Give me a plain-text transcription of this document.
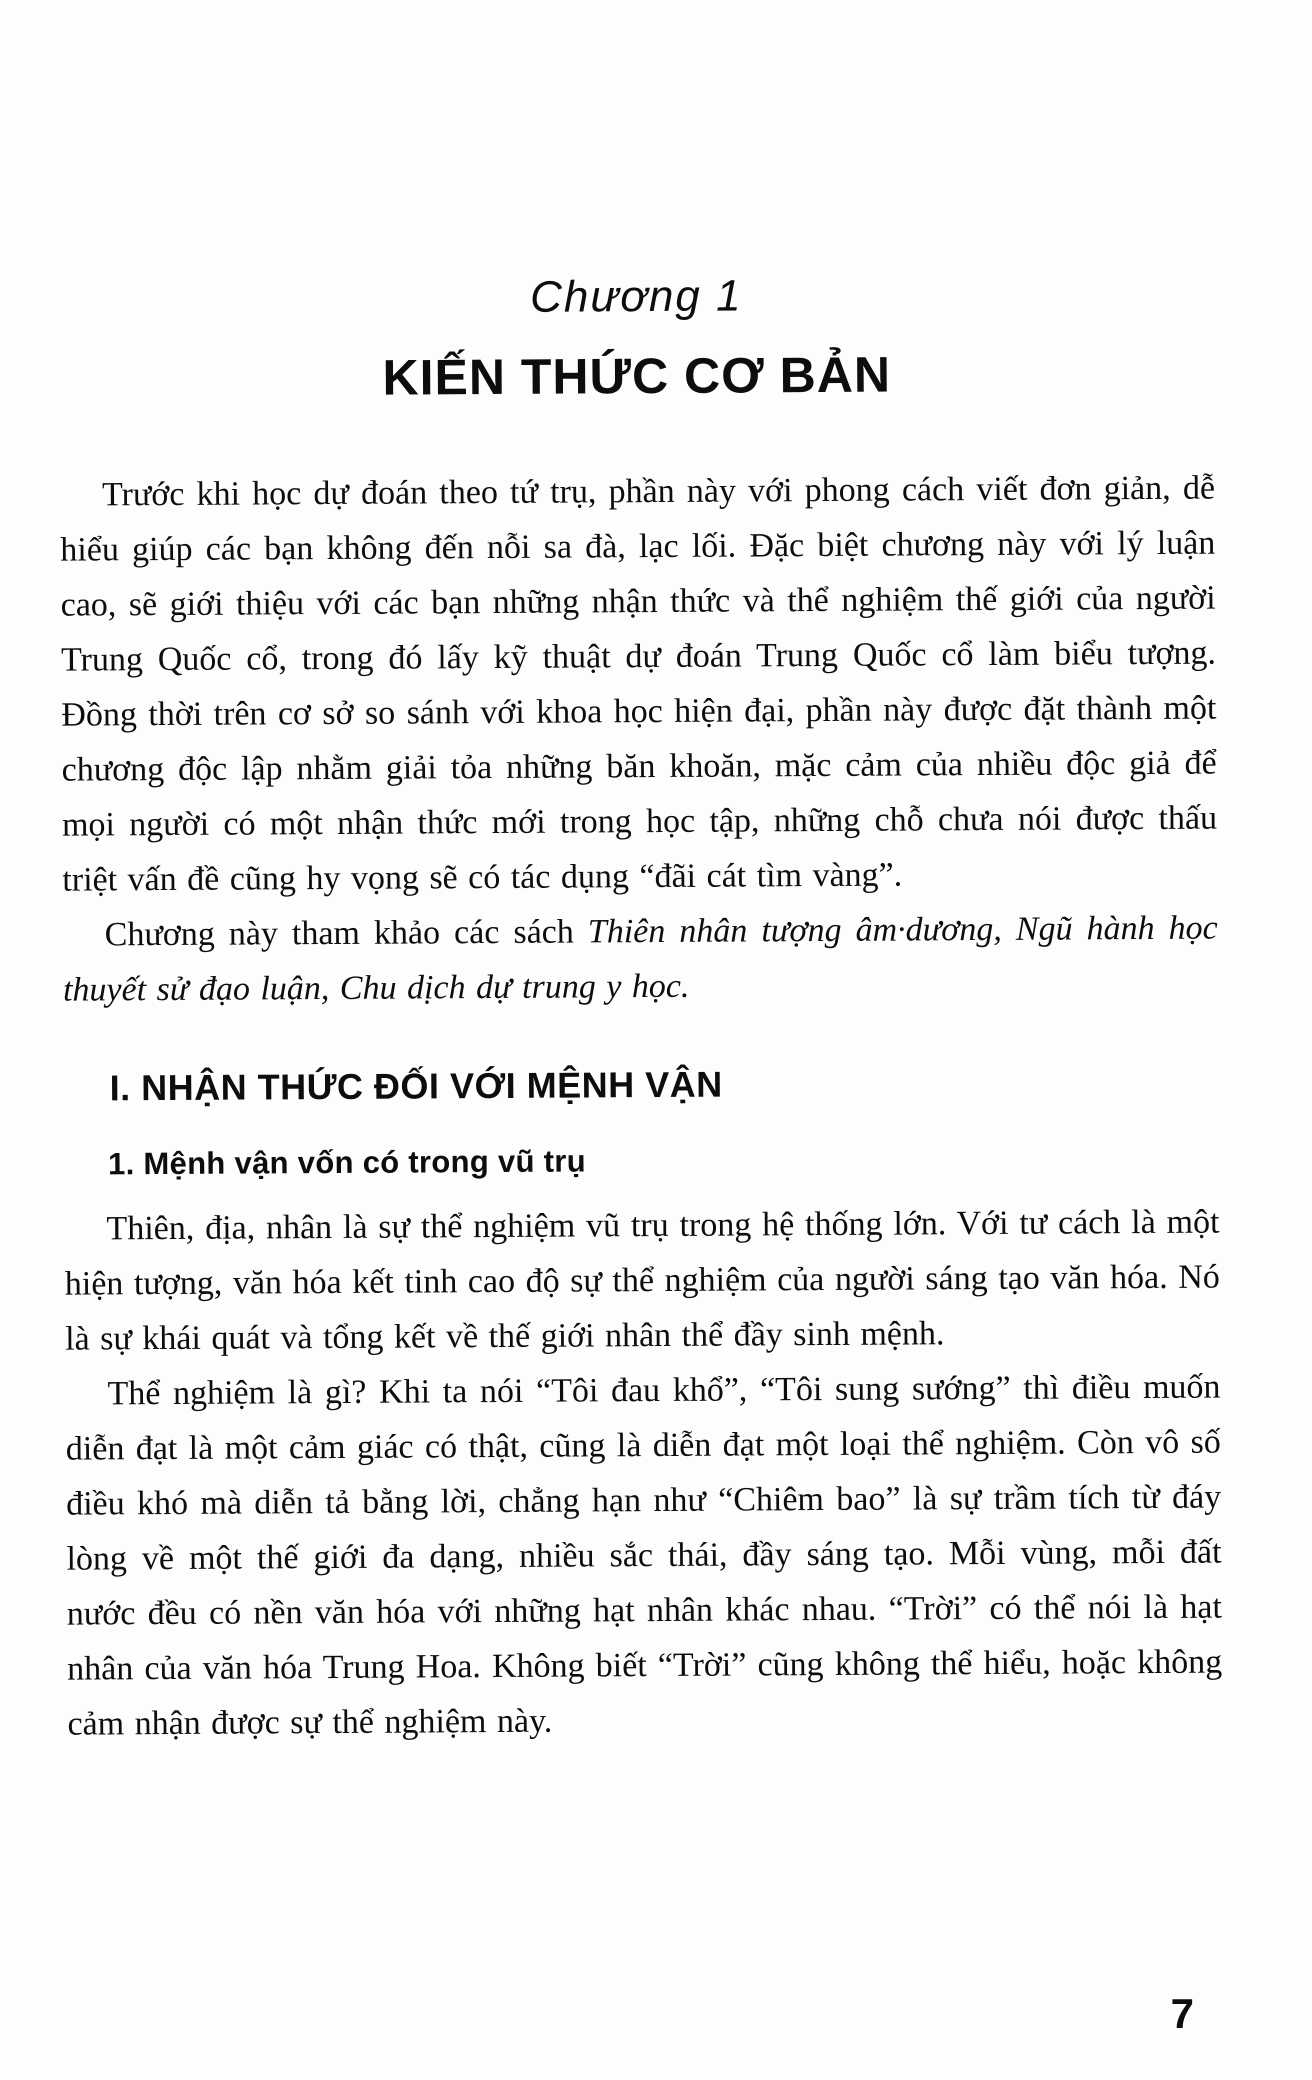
Chương 1
KIẾN THỨC CƠ BẢN

Trước khi học dự đoán theo tứ trụ, phần này với phong cách viết đơn giản, dễ hiểu giúp các bạn không đến nỗi sa đà, lạc lối. Đặc biệt chương này với lý luận cao, sẽ giới thiệu với các bạn những nhận thức và thể nghiệm thế giới của người Trung Quốc cổ, trong đó lấy kỹ thuật dự đoán Trung Quốc cổ làm biểu tượng. Đồng thời trên cơ sở so sánh với khoa học hiện đại, phần này được đặt thành một chương độc lập nhằm giải tỏa những băn khoăn, mặc cảm của nhiều độc giả để mọi người có một nhận thức mới trong học tập, những chỗ chưa nói được thấu triệt vấn đề cũng hy vọng sẽ có tác dụng “đãi cát tìm vàng”.

Chương này tham khảo các sách Thiên nhân tượng âm·dương, Ngũ hành học thuyết sử đạo luận, Chu dịch dự trung y học.

I. NHẬN THỨC ĐỐI VỚI MỆNH VẬN
1. Mệnh vận vốn có trong vũ trụ

Thiên, địa, nhân là sự thể nghiệm vũ trụ trong hệ thống lớn. Với tư cách là một hiện tượng, văn hóa kết tinh cao độ sự thể nghiệm của người sáng tạo văn hóa. Nó là sự khái quát và tổng kết về thế giới nhân thể đầy sinh mệnh.

Thể nghiệm là gì? Khi ta nói “Tôi đau khổ”, “Tôi sung sướng” thì điều muốn diễn đạt là một cảm giác có thật, cũng là diễn đạt một loại thể nghiệm. Còn vô số điều khó mà diễn tả bằng lời, chẳng hạn như “Chiêm bao” là sự trầm tích từ đáy lòng về một thế giới đa dạng, nhiều sắc thái, đầy sáng tạo. Mỗi vùng, mỗi đất nước đều có nền văn hóa với những hạt nhân khác nhau. “Trời” có thể nói là hạt nhân của văn hóa Trung Hoa. Không biết “Trời” cũng không thể hiểu, hoặc không cảm nhận được sự thể nghiệm này.

7
